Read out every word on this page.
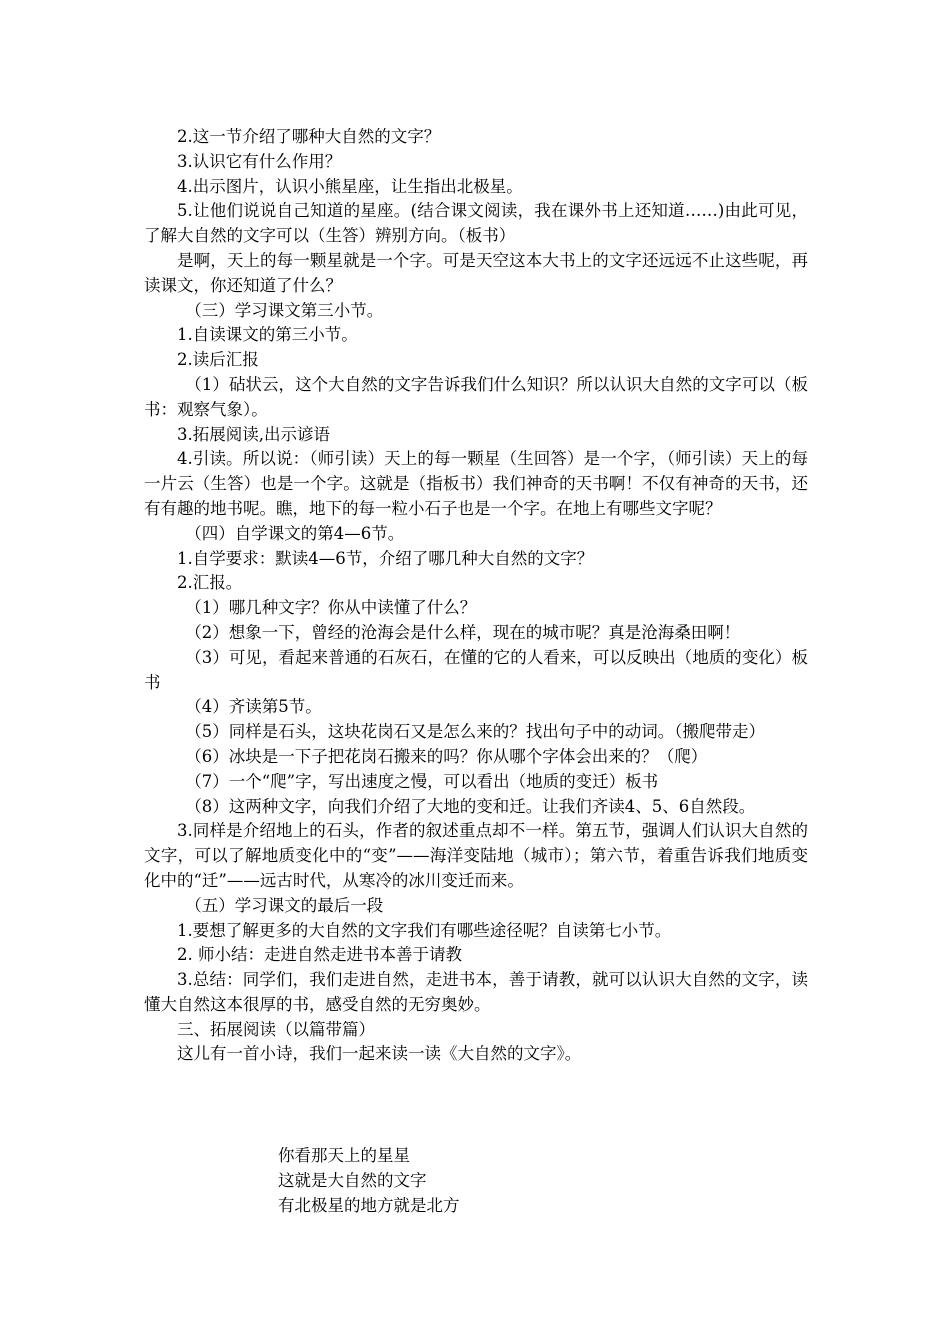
2.这一节介绍了哪种大自然的文字？

3.认识它有什么作用？

4.出示图片，认识小熊星座，让生指出北极星。

5.让他们说说自己知道的星座。(结合课文阅读，我在课外书上还知道……)由此可见，了解大自然的文字可以（生答）辨别方向。（板书）

是啊，天上的每一颗星就是一个字。可是天空这本大书上的文字还远远不止这些呢，再读课文，你还知道了什么？

（三）学习课文第三小节。

1.自读课文的第三小节。

2.读后汇报

（1）砧状云，这个大自然的文字告诉我们什么知识？所以认识大自然的文字可以（板书：观察气象）。

3.拓展阅读,出示谚语

4.引读。所以说：（师引读）天上的每一颗星（生回答）是一个字，（师引读）天上的每一片云（生答）也是一个字。这就是（指板书）我们神奇的天书啊！不仅有神奇的天书，还有有趣的地书呢。瞧，地下的每一粒小石子也是一个字。在地上有哪些文字呢？

（四）自学课文的第4—6节。

1.自学要求：默读4—6节，介绍了哪几种大自然的文字？

2.汇报。

（1）哪几种文字？你从中读懂了什么？

（2）想象一下，曾经的沧海会是什么样，现在的城市呢？真是沧海桑田啊！

（3）可见，看起来普通的石灰石，在懂的它的人看来，可以反映出（地质的变化）板书

（4）齐读第5节。

（5）同样是石头，这块花岗石又是怎么来的？找出句子中的动词。（搬爬带走）

（6）冰块是一下子把花岗石搬来的吗？你从哪个字体会出来的？（爬）

（7）一个“爬”字，写出速度之慢，可以看出（地质的变迁）板书

（8）这两种文字，向我们介绍了大地的变和迁。让我们齐读4、5、6自然段。

3.同样是介绍地上的石头，作者的叙述重点却不一样。第五节，强调人们认识大自然的文字，可以了解地质变化中的“变”——海洋变陆地（城市）；第六节，着重告诉我们地质变化中的“迁”——远古时代，从寒冷的冰川变迁而来。

（五）学习课文的最后一段

1.要想了解更多的大自然的文字我们有哪些途径呢？自读第七小节。

2. 师小结：走进自然走进书本善于请教

3.总结：同学们，我们走进自然，走进书本，善于请教，就可以认识大自然的文字，读懂大自然这本很厚的书，感受自然的无穷奥妙。

三、拓展阅读（以篇带篇）

这儿有一首小诗，我们一起来读一读《大自然的文字》。

你看那天上的星星

这就是大自然的文字

有北极星的地方就是北方
